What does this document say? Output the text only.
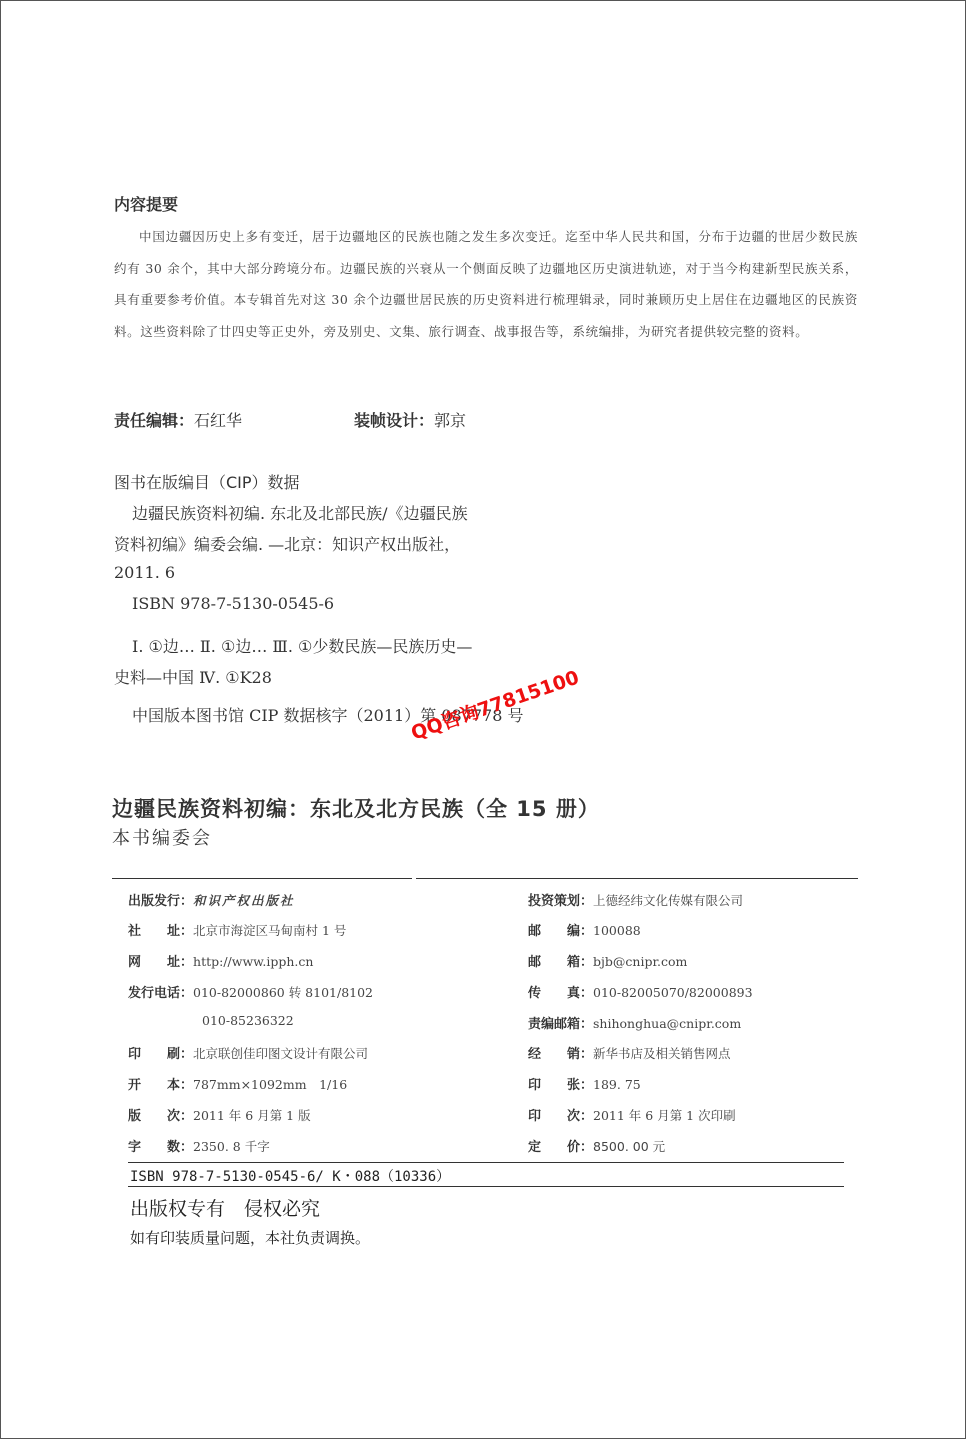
内容提要

中国边疆因历史上多有变迁，居于边疆地区的民族也随之发生多次变迁。迄至中华人民共和国，分布于边疆的世居少数民族约有 30 余个，其中大部分跨境分布。边疆民族的兴衰从一个侧面反映了边疆地区历史演进轨迹，对于当今构建新型民族关系，具有重要参考价值。本专辑首先对这 30 余个边疆世居民族的历史资料进行梳理辑录，同时兼顾历史上居住在边疆地区的民族资料。这些资料除了廿四史等正史外，旁及别史、文集、旅行调查、战事报告等，系统编排，为研究者提供较完整的资料。

责任编辑：石红华	装帧设计：郭京
图书在版编目（CIP）数据
边疆民族资料初编. 东北及北部民族/《边疆民族
资料初编》编委会编. —北京：知识产权出版社，
2011. 6
ISBN 978-7-5130-0545-6
Ⅰ. ①边… Ⅱ. ①边… Ⅲ. ①少数民族—民族历史—
史料—中国 Ⅳ. ①K28
中国版本图书馆 CIP 数据核字（2011）第 087778 号
QQ咨询77815100
边疆民族资料初编：东北及北方民族（全 15 册）
本书编委会
出版发行：和识产权出版社
社　　址：北京市海淀区马甸南村 1 号
网　　址：http://www.ipph.cn
发行电话：010-82000860 转 8101/8102
010-85236322
印　　刷：北京联创佳印图文设计有限公司
开　　本：787mm×1092mm　1/16
版　　次：2011 年 6 月第 1 版
字　　数：2350. 8 千字
投资策划：上德经纬文化传媒有限公司
邮　　编：100088
邮　　箱：bjb@cnipr.com
传　　真：010-82005070/82000893
责编邮箱：shihonghua@cnipr.com
经　　销：新华书店及相关销售网点
印　　张：189. 75
印　　次：2011 年 6 月第 1 次印刷
定　　价：8500. 00 元
ISBN 978-7-5130-0545-6/ K・088（10336）
出版权专有　侵权必究
如有印装质量问题，本社负责调换。
